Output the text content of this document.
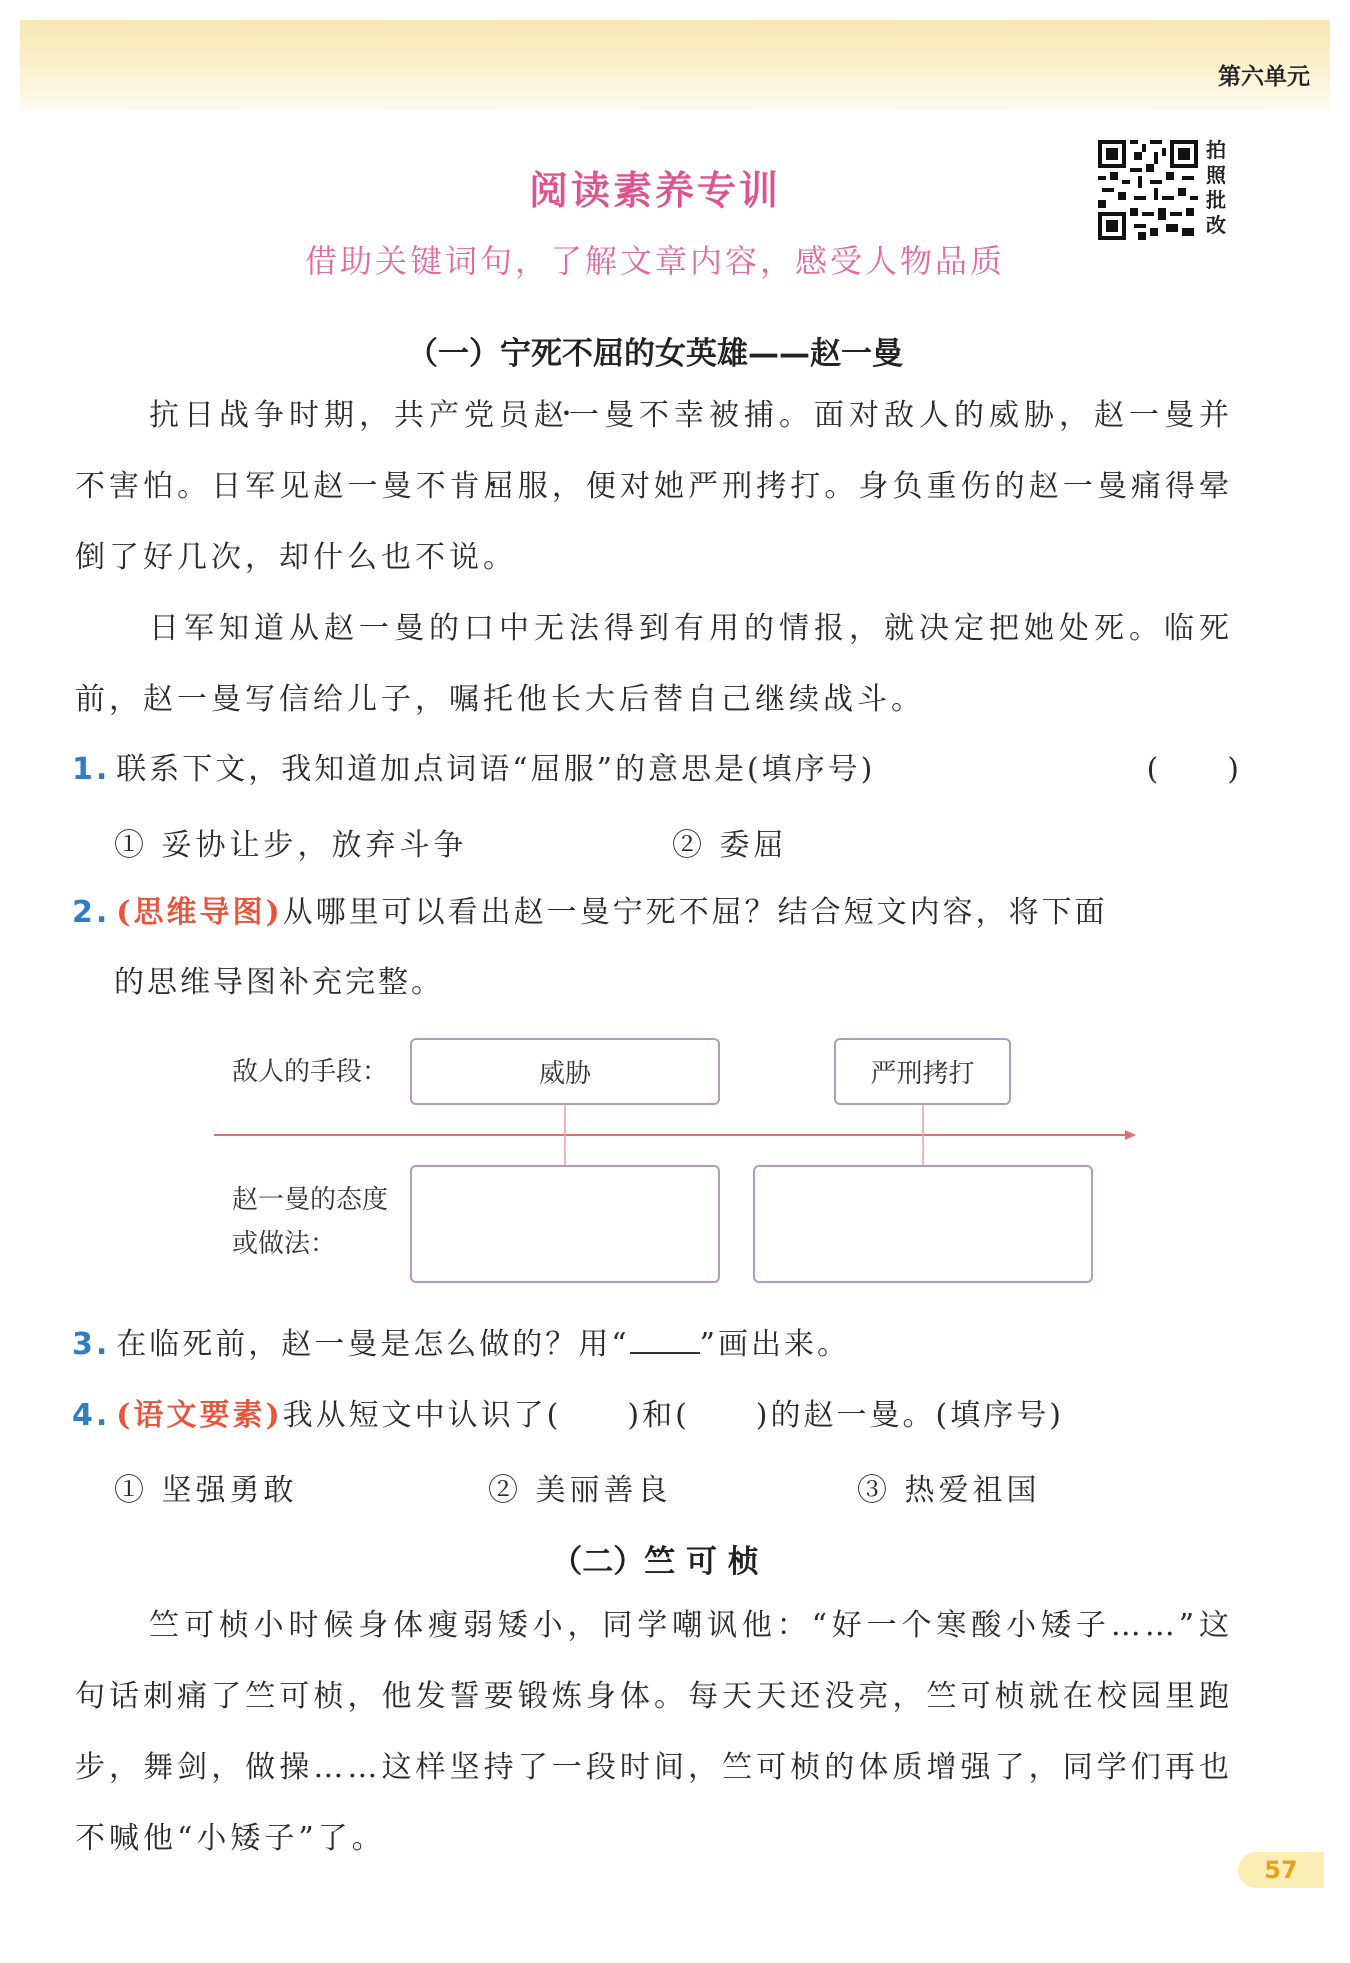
第六单元
阅读素养专训
借助关键词句，了解文章内容，感受人物品质
拍照批改
（一）宁死不屈的女英雄——赵一曼

抗日战争时期，共产党员赵一曼不幸被捕。面对敌人的威胁，赵一曼并不害怕。日军见赵一曼不肯屈服 • •，便对她严刑拷打。身负重伤的赵一曼痛得晕倒了好几次，却什么也不说。

日军知道从赵一曼的口中无法得到有用的情报，就决定把她处死。临死前，赵一曼写信给儿子，嘱托他长大后替自己继续战斗。

1. 联系下文，我知道加点词语“屈服”的意思是(填序号)	(　　)
① 妥协让步，放弃斗争	② 委屈
2. (思维导图)从哪里可以看出赵一曼宁死不屈？结合短文内容，将下面
的思维导图补充完整。
敌人的手段：	威胁	严刑拷打
赵一曼的态度
或做法：
3. 在临死前，赵一曼是怎么做的？用“ ”画出来。
4. (语文要素)我从短文中认识了(　　)和(　　)的赵一曼。(填序号)
① 坚强勇敢	② 美丽善良	③ 热爱祖国
（二）竺 可 桢

竺可桢小时候身体瘦弱矮小，同学嘲讽他：“好一个寒酸小矮子……”这句话刺痛了竺可桢，他发誓要锻炼身体。每天天还没亮，竺可桢就在校园里跑步，舞剑，做操……这样坚持了一段时间，竺可桢的体质增强了，同学们再也不喊他“小矮子”了。

57
